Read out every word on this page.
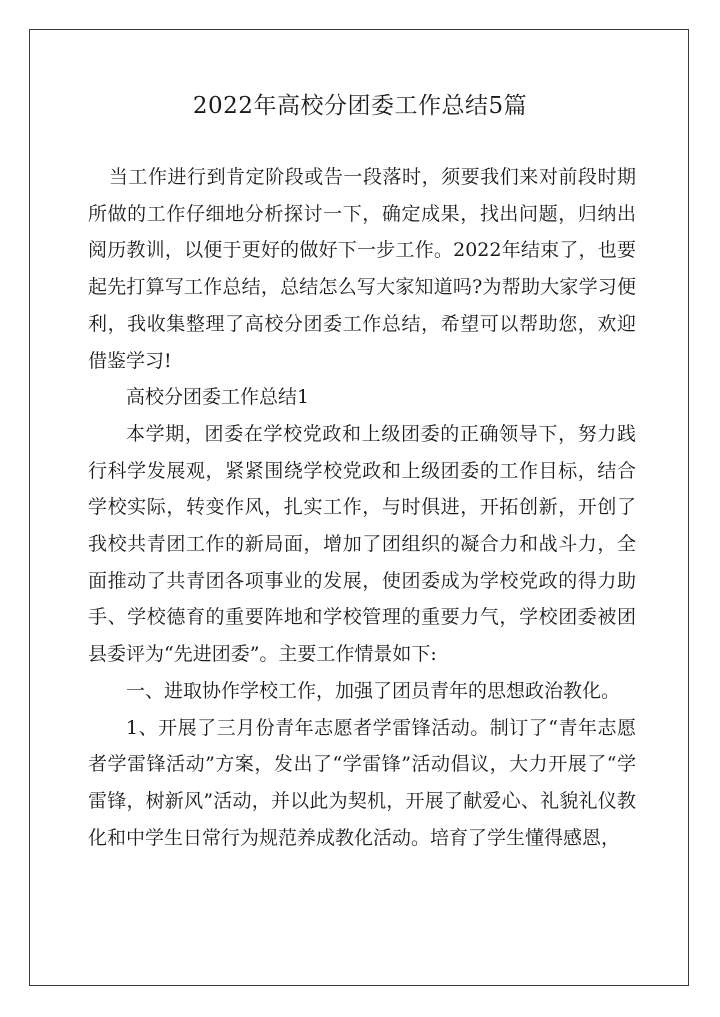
2022年高校分团委工作总结5篇

当工作进行到肯定阶段或告一段落时，须要我们来对前段时期所做的工作仔细地分析探讨一下，确定成果，找出问题，归纳出阅历教训，以便于更好的做好下一步工作。2022年结束了，也要起先打算写工作总结，总结怎么写大家知道吗?为帮助大家学习便利，我收集整理了高校分团委工作总结，希望可以帮助您，欢迎借鉴学习!

高校分团委工作总结1

本学期，团委在学校党政和上级团委的正确领导下，努力践行科学发展观，紧紧围绕学校党政和上级团委的工作目标，结合学校实际，转变作风，扎实工作，与时俱进，开拓创新，开创了我校共青团工作的新局面，增加了团组织的凝合力和战斗力，全面推动了共青团各项事业的发展，使团委成为学校党政的得力助手、学校德育的重要阵地和学校管理的重要力气，学校团委被团县委评为“先进团委”。主要工作情景如下:

一、进取协作学校工作，加强了团员青年的思想政治教化。

1、开展了三月份青年志愿者学雷锋活动。制订了“青年志愿者学雷锋活动”方案，发出了“学雷锋”活动倡议，大力开展了“学雷锋，树新风”活动，并以此为契机，开展了献爱心、礼貌礼仪教化和中学生日常行为规范养成教化活动。培育了学生懂得感恩，
